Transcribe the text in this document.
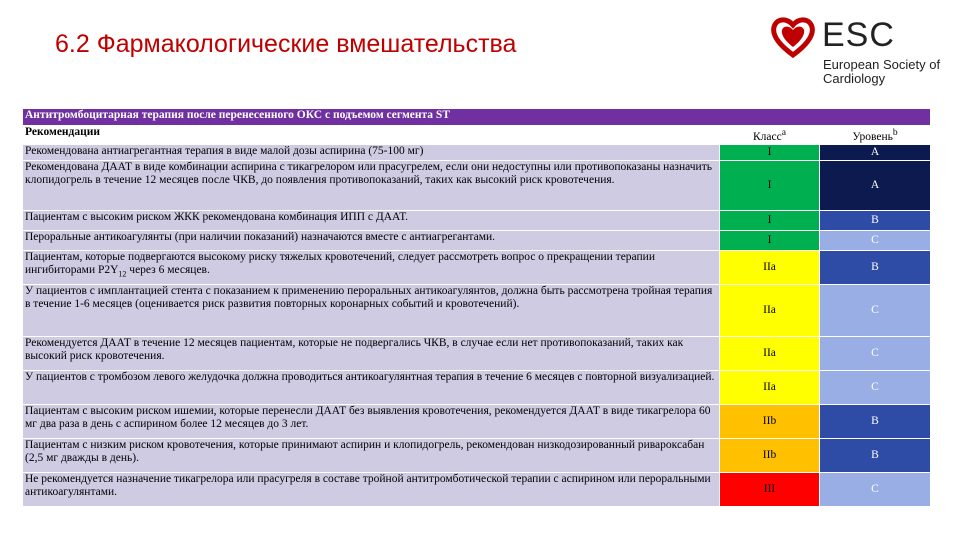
6.2 Фармакологические вмешательства	ESC
European Society of Cardiology
Антитромбоцитарная терапия после перенесенного ОКС с подъемом сегмента ST		
Рекомендации	Класс$^a$	Уровень$^b$
Рекомендована антиагрегантная терапия в виде малой дозы аспирина (75-100 мг)	I	A
Рекомендована ДААТ в виде комбинации аспирина с тикагрелором или прасугрелем, если они недоступны или противопоказаны назначить клопидогрель в течение 12 месяцев после ЧКВ, до появления противопоказаний, таких как высокий риск кровотечения.	I	A
Пациентам с высоким риском ЖКК рекомендована комбинация ИПП с ДААТ.	I	B
Пероральные антикоагулянты (при наличии показаний) назначаются вместе с антиагрегантами.	I	C
Пациентам, которые подвергаются высокому риску тяжелых кровотечений, следует рассмотреть вопрос о прекращении терапии ингибиторами $P2Y_{12}$ через 6 месяцев.	IIa	B
У пациентов с имплантацией стента с показанием к применению пероральных антикоагулянтов, должна быть рассмотрена тройная терапия в течение 1-6 месяцев (оценивается риск развития повторных коронарных событий и кровотечений).	IIa	C
Рекомендуется ДААТ в течение 12 месяцев пациентам, которые не подвергались ЧКВ, в случае если нет противопоказаний, таких как высокий риск кровотечения.	IIa	C
У пациентов с тромбозом левого желудочка должна проводиться антикоагулянтная терапия в течение 6 месяцев с повторной визуализацией.	IIa	C
Пациентам с высоким риском ишемии, которые перенесли ДААТ без выявления кровотечения, рекомендуется ДААТ в виде тикагрелора 60 мг два раза в день с аспирином более 12 месяцев до 3 лет.	IIb	B
Пациентам с низким риском кровотечения, которые принимают аспирин и клопидогрель, рекомендован низкодозированный ривароксабан (2,5 мг дважды в день).	IIb	B
Не рекомендуется назначение тикагрелора или прасугреля в составе тройной антитромботической терапии с аспирином или пероральными антикоагулянтами.	III	C
